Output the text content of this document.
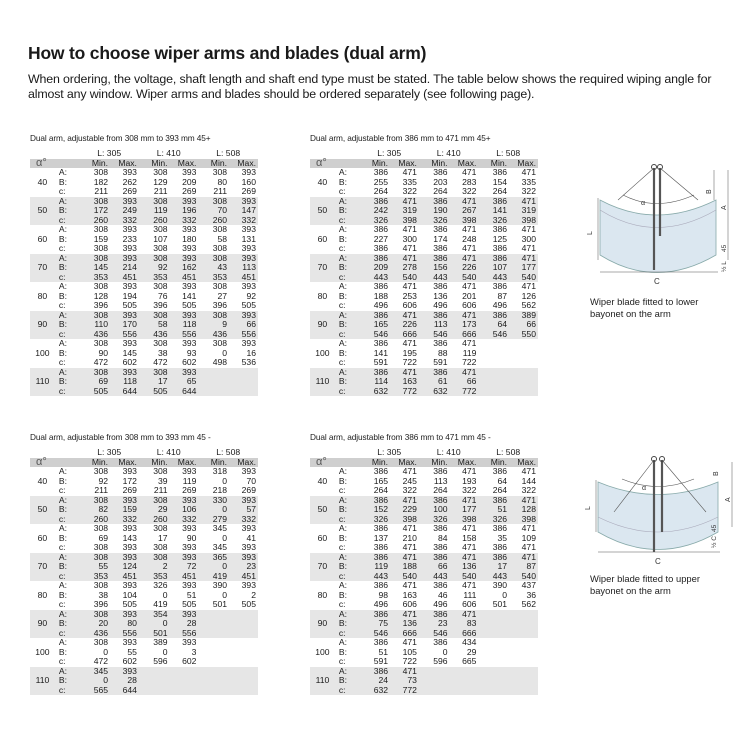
How to choose wiper arms and blades (dual arm)
When ordering, the voltage, shaft length and shaft end type must be stated. The table below shows the required wiping angle for almost any window. Wiper arms and blades should be ordered separately (see following page).
Dual arm, adjustable from 308 mm to 393 mm 45+
		L: 305		L: 410		L: 508	
α°		Min.	Max.	Min.	Max.	Min.	Max.
40	A:	308	393	308	393	308	393
	B:	182	262	129	209	80	160
	c:	211	269	211	269	211	269
50	A:	308	393	308	393	308	393
	B:	172	249	119	196	70	147
	c:	260	332	260	332	260	332
60	A:	308	393	308	393	308	393
	B:	159	233	107	180	58	131
	c:	308	393	308	393	308	393
70	A:	308	393	308	393	308	393
	B:	145	214	92	162	43	113
	c:	353	451	353	451	353	451
80	A:	308	393	308	393	308	393
	B:	128	194	76	141	27	92
	c:	396	505	396	505	396	505
90	A:	308	393	308	393	308	393
	B:	110	170	58	118	9	66
	c:	436	556	436	556	436	556
100	A:	308	393	308	393	308	393
	B:	90	145	38	93	0	16
	c:	472	602	472	602	498	536
110	A:	308	393	308	393		
	B:	69	118	17	65		
	c:	505	644	505	644		
Dual arm, adjustable from 386 mm to 471 mm 45+
		L: 305		L: 410		L: 508	
α°		Min.	Max.	Min.	Max.	Min.	Max.
40	A:	386	471	386	471	386	471
	B:	255	335	203	283	154	335
	c:	264	322	264	322	264	322
50	A:	386	471	386	471	386	471
	B:	242	319	190	267	141	319
	c:	326	398	326	398	326	398
60	A:	386	471	386	471	386	471
	B:	227	300	174	248	125	300
	c:	386	471	386	471	386	471
70	A:	386	471	386	471	386	471
	B:	209	278	156	226	107	177
	c:	443	540	443	540	443	540
80	A:	386	471	386	471	386	471
	B:	188	253	136	201	87	126
	c:	496	606	496	606	496	562
90	A:	386	471	386	471	386	389
	B:	165	226	113	173	64	66
	c:	546	666	546	666	546	550
100	A:	386	471	386	471		
	B:	141	195	88	119		
	c:	591	722	591	722		
110	A:	386	471	386	471		
	B:	114	163	61	66		
	c:	632	772	632	772		
Dual arm, adjustable from 308 mm to 393 mm 45 -
		L: 305		L: 410		L: 508	
α°		Min.	Max.	Min.	Max.	Min.	Max.
40	A:	308	393	308	393	318	393
	B:	92	172	39	119	0	70
	c:	211	269	211	269	218	269
50	A:	308	393	308	393	330	393
	B:	82	159	29	106	0	57
	c:	260	332	260	332	279	332
60	A:	308	393	308	393	345	393
	B:	69	143	17	90	0	41
	c:	308	393	308	393	345	393
70	A:	308	393	308	393	365	393
	B:	55	124	2	72	0	23
	c:	353	451	353	451	419	451
80	A:	308	393	326	393	390	393
	B:	38	104	0	51	0	2
	c:	396	505	419	505	501	505
90	A:	308	393	354	393		
	B:	20	80	0	28		
	c:	436	556	501	556		
100	A:	308	393	389	393		
	B:	0	55	0	3		
	c:	472	602	596	602		
110	A:	345	393				
	B:	0	28				
	c:	565	644				
Dual arm, adjustable from 386 mm to 471 mm 45 -
		L: 305		L: 410		L: 508	
α°		Min.	Max.	Min.	Max.	Min.	Max.
40	A:	386	471	386	471	386	471
	B:	165	245	113	193	64	144
	c:	264	322	264	322	264	322
50	A:	386	471	386	471	386	471
	B:	152	229	100	177	51	128
	c:	326	398	326	398	326	398
60	A:	386	471	386	471	386	471
	B:	137	210	84	158	35	109
	c:	386	471	386	471	386	471
70	A:	386	471	386	471	386	471
	B:	119	188	66	136	17	87
	c:	443	540	443	540	443	540
80	A:	386	471	386	471	390	437
	B:	98	163	46	111	0	36
	c:	496	606	496	606	501	562
90	A:	386	471	386	471		
	B:	75	136	23	83		
	c:	546	666	546	666		
100	A:	386	471	386	434		
	B:	51	105	0	29		
	c:	591	722	596	665		
110	A:	386	471				
	B:	24	73				
	c:	632	772				
α
L
C
B
A
45
½ L
Wiper blade fitted to lower
bayonet on the arm
α
L
C
B
A
45
½ C
Wiper blade fitted to upper
bayonet on the arm
